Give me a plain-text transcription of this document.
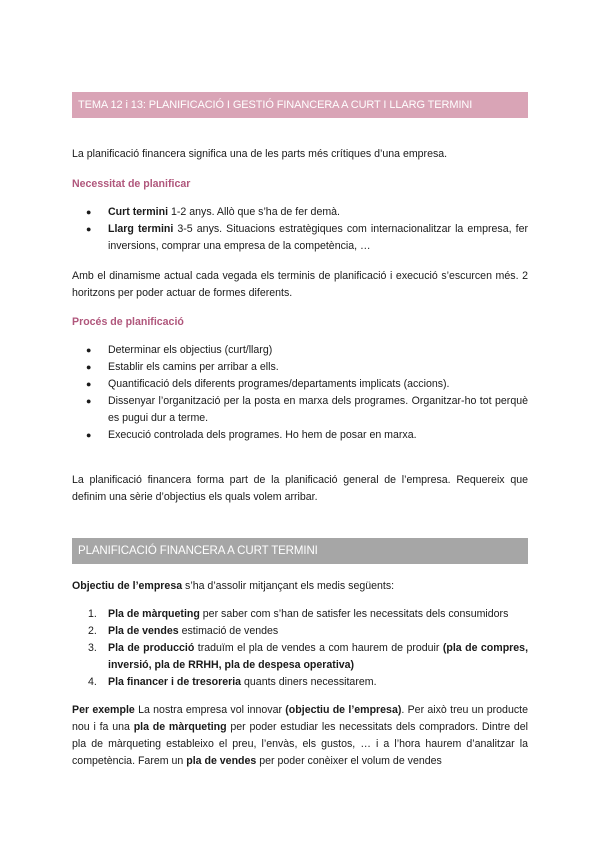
TEMA 12 i 13: PLANIFICACIÓ I GESTIÓ FINANCERA A CURT I LLARG TERMINI

La planificació financera significa una de les parts més crítiques d’una empresa.

Necessitat de planificar

● Curt termini 1-2 anys. Allò que s’ha de fer demà.
● Llarg termini 3-5 anys. Situacions estratègiques com internacionalitzar la empresa, fer inversions, comprar una empresa de la competència, …

Amb el dinamisme actual cada vegada els terminis de planificació i execució s’escurcen més. 2 horitzons per poder actuar de formes diferents.

Procés de planificació

● Determinar els objectius (curt/llarg)
● Establir els camins per arribar a ells.
● Quantificació dels diferents programes/departaments implicats (accions).
● Dissenyar l’organització per la posta en marxa dels programes. Organitzar-ho tot perquè es pugui dur a terme.
● Execució controlada dels programes. Ho hem de posar en marxa.

La planificació financera forma part de la planificació general de l’empresa. Requereix que definim una sèrie d’objectius els quals volem arribar.

PLANIFICACIÓ FINANCERA A CURT TERMINI

Objectiu de l’empresa s’ha d’assolir mitjançant els medis següents:

1. Pla de màrqueting per saber com s’han de satisfer les necessitats dels consumidors
2. Pla de vendes estimació de vendes
3. Pla de producció traduïm el pla de vendes a com haurem de produir (pla de compres, inversió, pla de RRHH, pla de despesa operativa)
4. Pla financer i de tresoreria quants diners necessitarem.

Per exemple La nostra empresa vol innovar (objectiu de l’empresa). Per això treu un producte nou i fa una pla de màrqueting per poder estudiar les necessitats dels compradors. Dintre del pla de màrqueting estableixo el preu, l’envàs, els gustos, … i a l’hora haurem d’analitzar la competència. Farem un pla de vendes per poder conèixer el volum de vendes
